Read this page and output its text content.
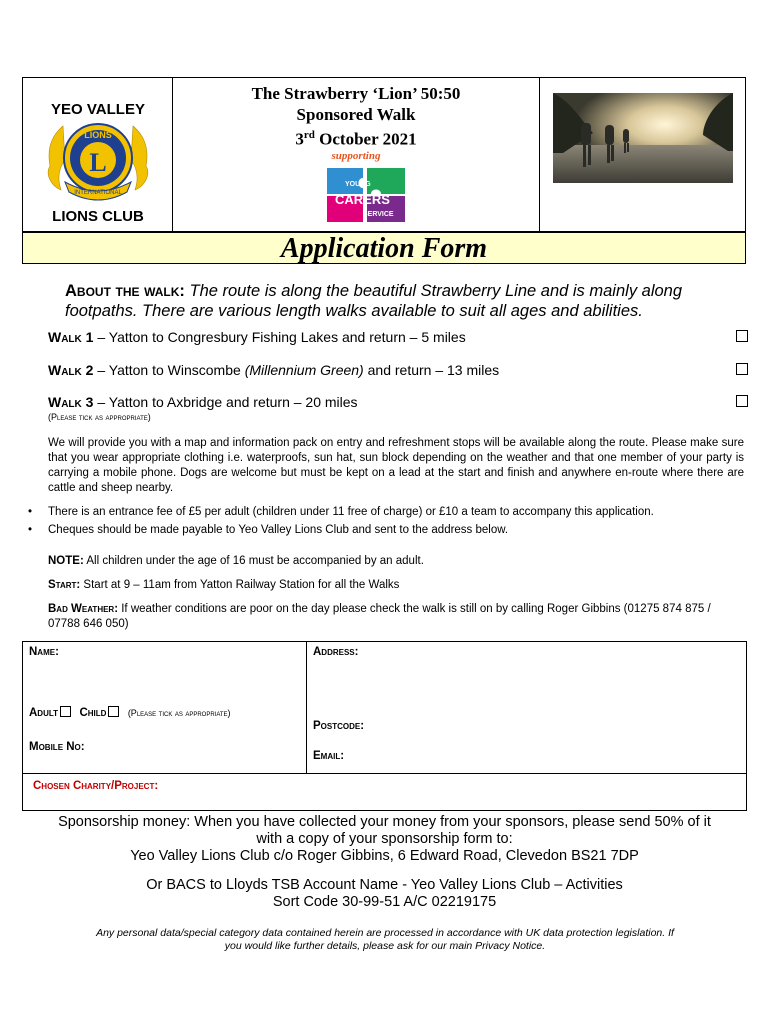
YEO VALLEY
LIONS
L
INTERNATIONAL
LIONS CLUB
The Strawberry ‘Lion’ 50:50
Sponsored Walk
3rd October 2021
supporting
YOUNG
CARERS
SERVICE
Application Form
About the walk: The route is along the beautiful Strawberry Line and is mainly along footpaths. There are various length walks available to suit all ages and abilities.
Walk 1 – Yatton to Congresbury Fishing Lakes and return – 5 miles
Walk 2 – Yatton to Winscombe (Millennium Green) and return – 13 miles
Walk 3 – Yatton to Axbridge and return – 20 miles
(Please tick as appropriate)
We will provide you with a map and information pack on entry and refreshment stops will be available along the route. Please make sure that you wear appropriate clothing i.e. waterproofs, sun hat, sun block depending on the weather and that one member of your party is carrying a mobile phone. Dogs are welcome but must be kept on a lead at the start and finish and anywhere en-route where there are cattle and sheep nearby.
• There is an entrance fee of £5 per adult (children under 11 free of charge) or £10 a team to accompany this application.
• Cheques should be made payable to Yeo Valley Lions Club and sent to the address below.
NOTE: All children under the age of 16 must be accompanied by an adult.
Start: Start at 9 – 11am from Yatton Railway Station for all the Walks
Bad Weather: If weather conditions are poor on the day please check the walk is still on by calling Roger Gibbins (01275 874 875 / 07788 646 050)
Name:	Address:
Adult Child (Please tick as appropriate)
Postcode:
Mobile No:
Email:
Chosen Charity/Project:
Sponsorship money: When you have collected your money from your sponsors, please send 50% of it
with a copy of your sponsorship form to:
Yeo Valley Lions Club c/o Roger Gibbins, 6 Edward Road, Clevedon BS21 7DP
Or BACS to Lloyds TSB Account Name - Yeo Valley Lions Club – Activities
Sort Code 30-99-51 A/C 02219175
Any personal data/special category data contained herein are processed in accordance with UK data protection legislation. If
you would like further details, please ask for our main Privacy Notice.
